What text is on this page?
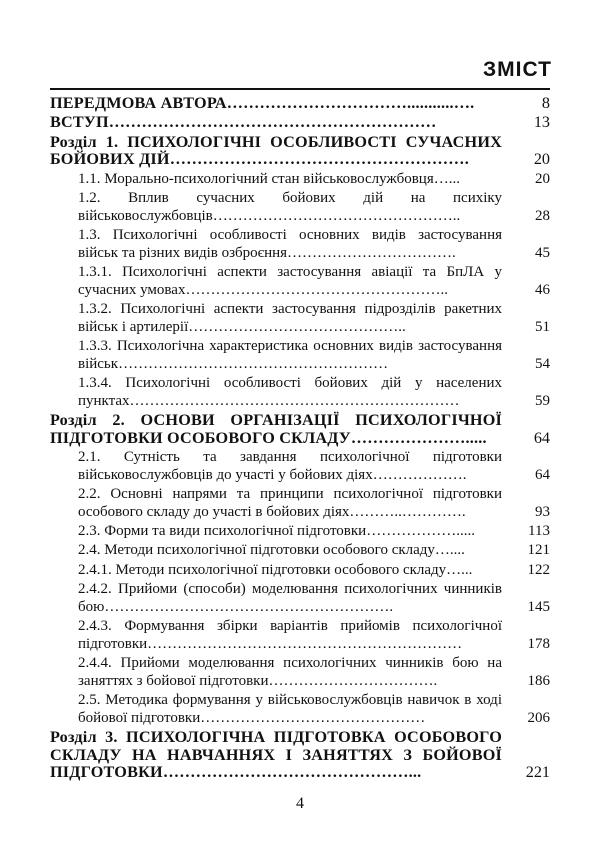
ЗМІСТ
ПЕРЕДМОВА АВТОРА……………………………...........….	8
ВСТУП……………………………………………………	13
Розділ 1. ПСИХОЛОГІЧНІ ОСОБЛИВОСТІ СУЧАСНИХ БОЙОВИХ ДІЙ……………………………………………….	20
1.1. Морально-психологічний стан військовослужбовця…...	20
1.2. Вплив сучасних бойових дій на психіку військовослужбовців…………………………………………..	28
1.3. Психологічні особливості основних видів застосування військ та різних видів озброєння…………………………….	45
1.3.1. Психологічні аспекти застосування авіації та БпЛА у сучасних умовах……………………………………………..	46
1.3.2. Психологічні аспекти застосування підрозділів ракетних військ і артилерії……………………………………..	51
1.3.3. Психологічна характеристика основних видів застосування військ………………………………………………	54
1.3.4. Психологічні особливості бойових дій у населених пунктах…………………………………………………………	59
Розділ 2. ОСНОВИ ОРГАНІЗАЦІЇ ПСИХОЛОГІЧНОЇ ПІДГОТОВКИ ОСОБОВОГО СКЛАДУ………………….....	64
2.1. Сутність та завдання психологічної підготовки військовослужбовців до участі у бойових діях……………….	64
2.2. Основні напрями та принципи психологічної підготовки особового складу до участі в бойових діях………..………….	93
2.3. Форми та види психологічної підготовки……………….....	113
2.4. Методи психологічної підготовки особового складу…....	121
2.4.1. Методи психологічної підготовки особового складу…...	122
2.4.2. Прийоми (способи) моделювання психологічних чинників бою………………………………………………….	145
2.4.3. Формування збірки варіантів прийомів психологічної підготовки………………………………………………………	178
2.4.4. Прийоми моделювання психологічних чинників бою на заняттях з бойової підготовки…………………………….	186
2.5. Методика формування у військовослужбовців навичок в ході бойової підготовки………………………………………	206
Розділ 3. ПСИХОЛОГІЧНА ПІДГОТОВКА ОСОБОВОГО СКЛАДУ НА НАВЧАННЯХ І ЗАНЯТТЯХ З БОЙОВОЇ ПІДГОТОВКИ………………………………………...	221
4
